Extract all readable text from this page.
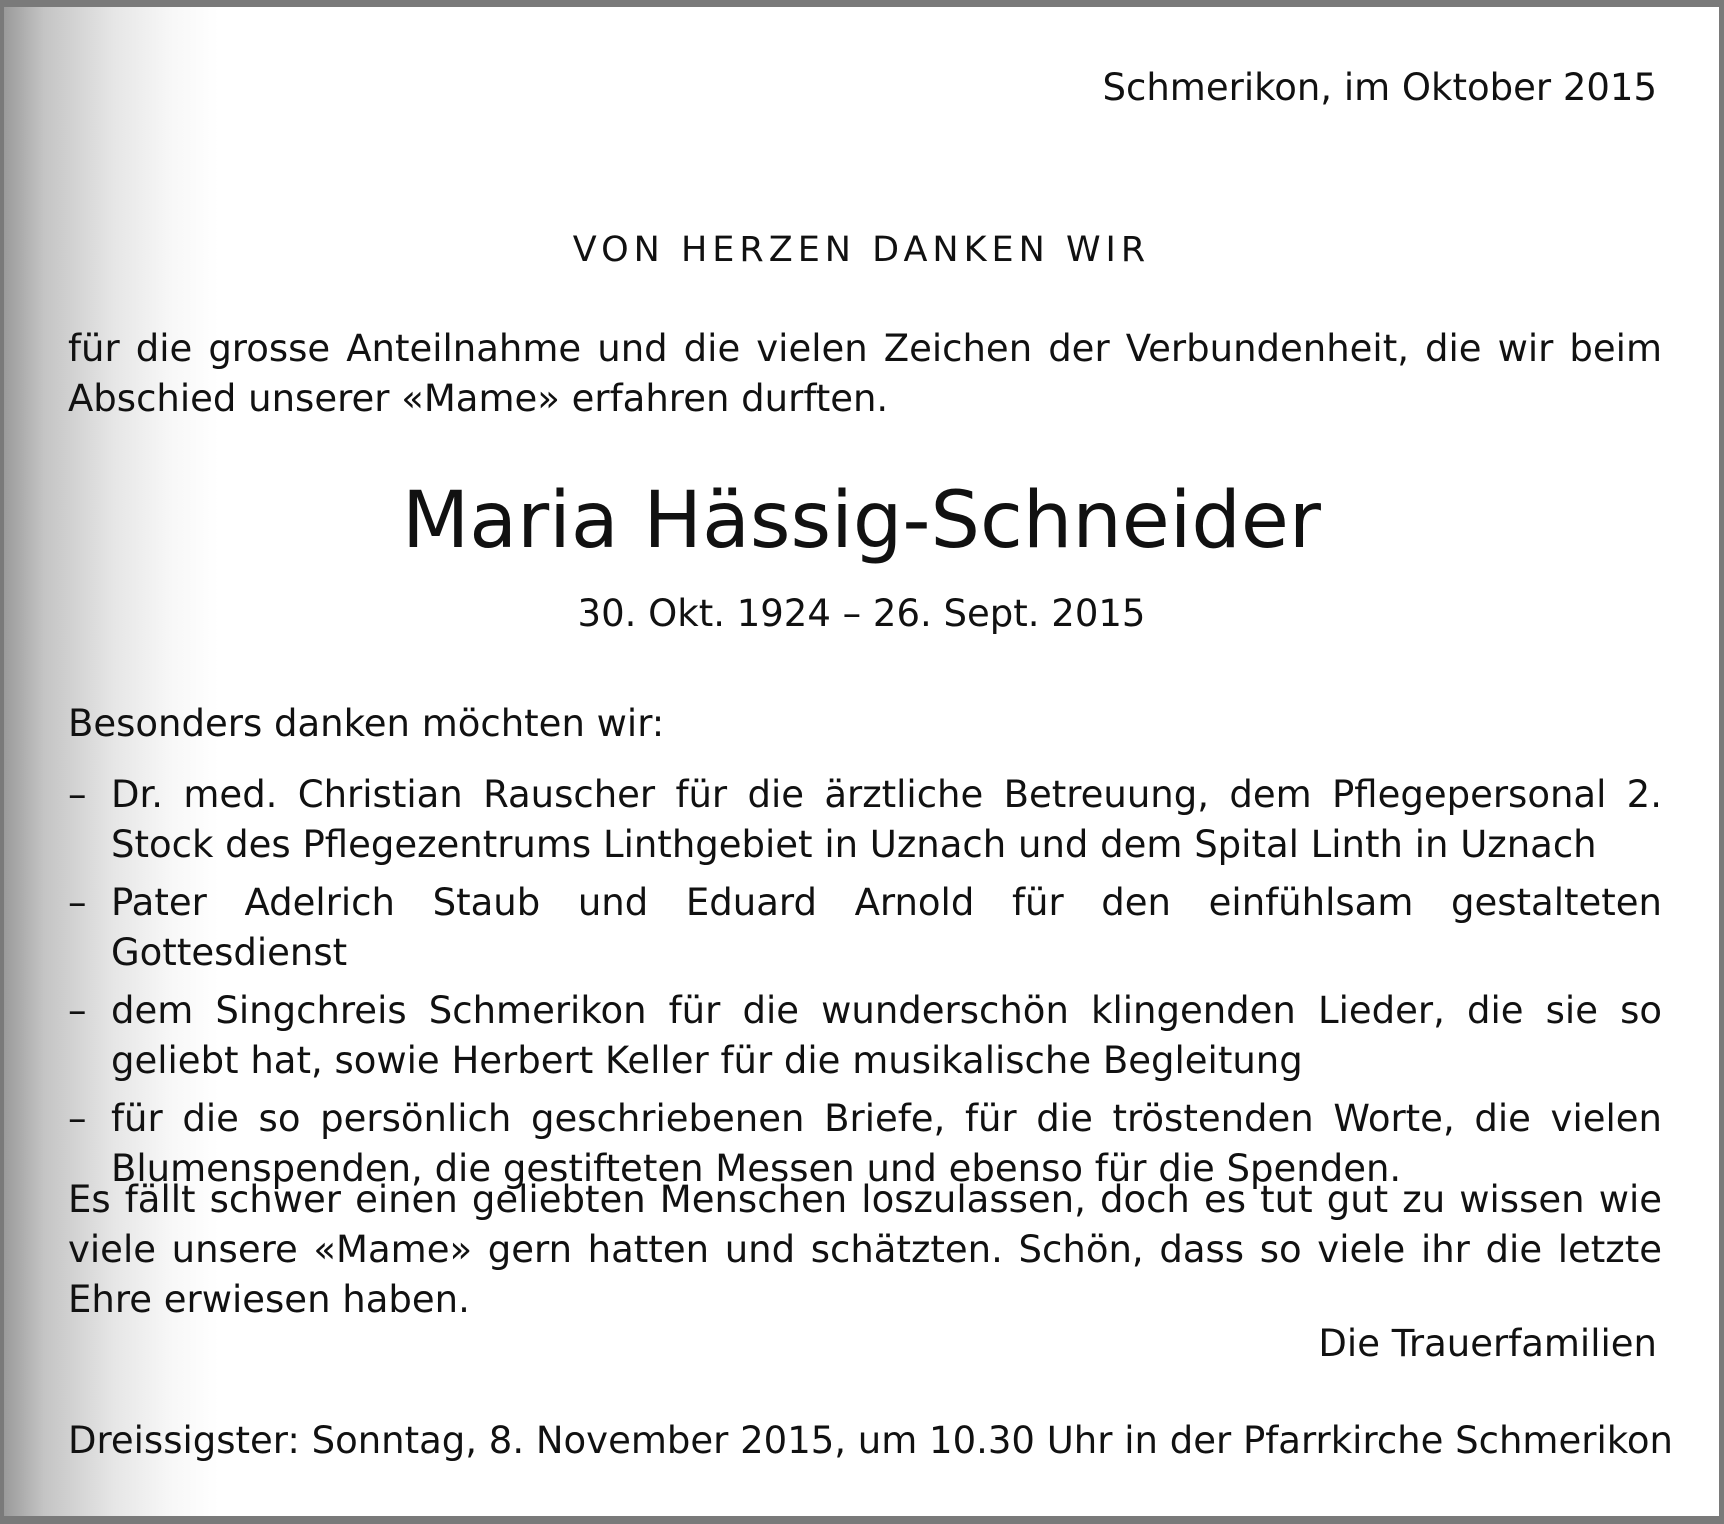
Schmerikon, im Oktober 2015

VON HERZEN DANKEN WIR

für die grosse Anteilnahme und die vielen Zeichen der Verbundenheit, die wir beim Abschied unserer «Mame» erfahren durften.

Maria Hässig-Schneider

30. Okt. 1924 – 26. Sept. 2015

Besonders danken möchten wir:

– Dr. med. Christian Rauscher für die ärztliche Betreuung, dem Pflegepersonal 2. Stock des Pflegezentrums Linthgebiet in Uznach und dem Spital Linth in Uznach
– Pater Adelrich Staub und Eduard Arnold für den einfühlsam gestalteten Gottesdienst
– dem Singchreis Schmerikon für die wunderschön klingenden Lieder, die sie so geliebt hat, sowie Herbert Keller für die musikalische Begleitung
– für die so persönlich geschriebenen Briefe, für die tröstenden Worte, die vielen Blumenspenden, die gestifteten Messen und ebenso für die Spenden.

Es fällt schwer einen geliebten Menschen loszulassen, doch es tut gut zu wissen wie viele unsere «Mame» gern hatten und schätzten. Schön, dass so viele ihr die letzte Ehre erwiesen haben.

Die Trauerfamilien

Dreissigster: Sonntag, 8. November 2015, um 10.30 Uhr in der Pfarrkirche Schmerikon
